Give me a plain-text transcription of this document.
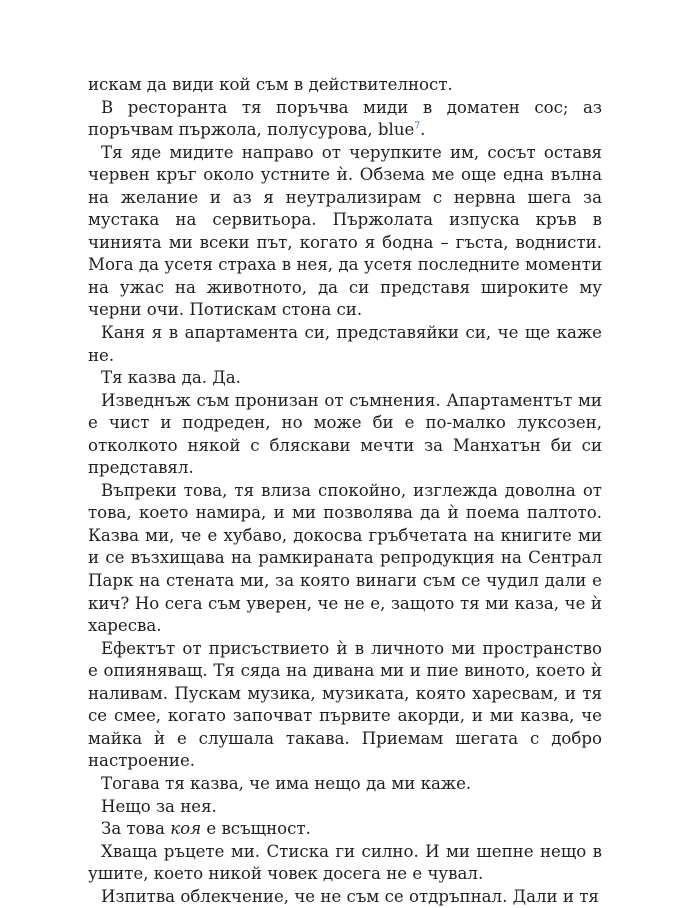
искам да види кой съм в действителност.

В ресторанта тя поръчва миди в доматен сос; аз поръчвам пържола, полусурова, blue$^7$.

Тя яде мидите направо от черупките им, сосът оставя червен кръг около устните ѝ. Обзема ме още една вълна на желание и аз я неутрализирам с нервна шега за мустака на сервитьора. Пържолата изпуска кръв в чинията ми всеки път, когато я бодна – гъста, воднисти. Мога да усетя страха в нея, да усетя последните моменти на ужас на животното, да си представя широките му черни очи. Потискам стона си.

Каня я в апартамента си, представяйки си, че ще каже не.

Тя казва да. Да.

Изведнъж съм пронизан от съмнения. Апартаментът ми е чист и подреден, но може би е по-малко луксозен, отколкото някой с бляскави мечти за Манхатън би си представял.

Въпреки това, тя влиза спокойно, изглежда доволна от това, което намира, и ми позволява да ѝ поема палтото. Казва ми, че е хубаво, докосва гръбчетата на книгите ми и се възхищава на рамкираната репродукция на Сентрал Парк на стената ми, за която винаги съм се чудил дали е кич? Но сега съм уверен, че не е, защото тя ми каза, че ѝ харесва.

Ефектът от присъствието ѝ в личното ми пространство е опияняващ. Тя сяда на дивана ми и пие виното, което ѝ наливам. Пускам музика, музиката, която харесвам, и тя се смее, когато започват първите акорди, и ми казва, че майка ѝ е слушала такава. Приемам шегата с добро настроение.

Тогава тя казва, че има нещо да ми каже.

Нещо за нея.

За това коя е всъщност.

Хваща ръцете ми. Стиска ги силно. И ми шепне нещо в ушите, което никой човек досега не е чувал.

Изпитва облекчение, че не съм се отдръпнал. Дали и тя
